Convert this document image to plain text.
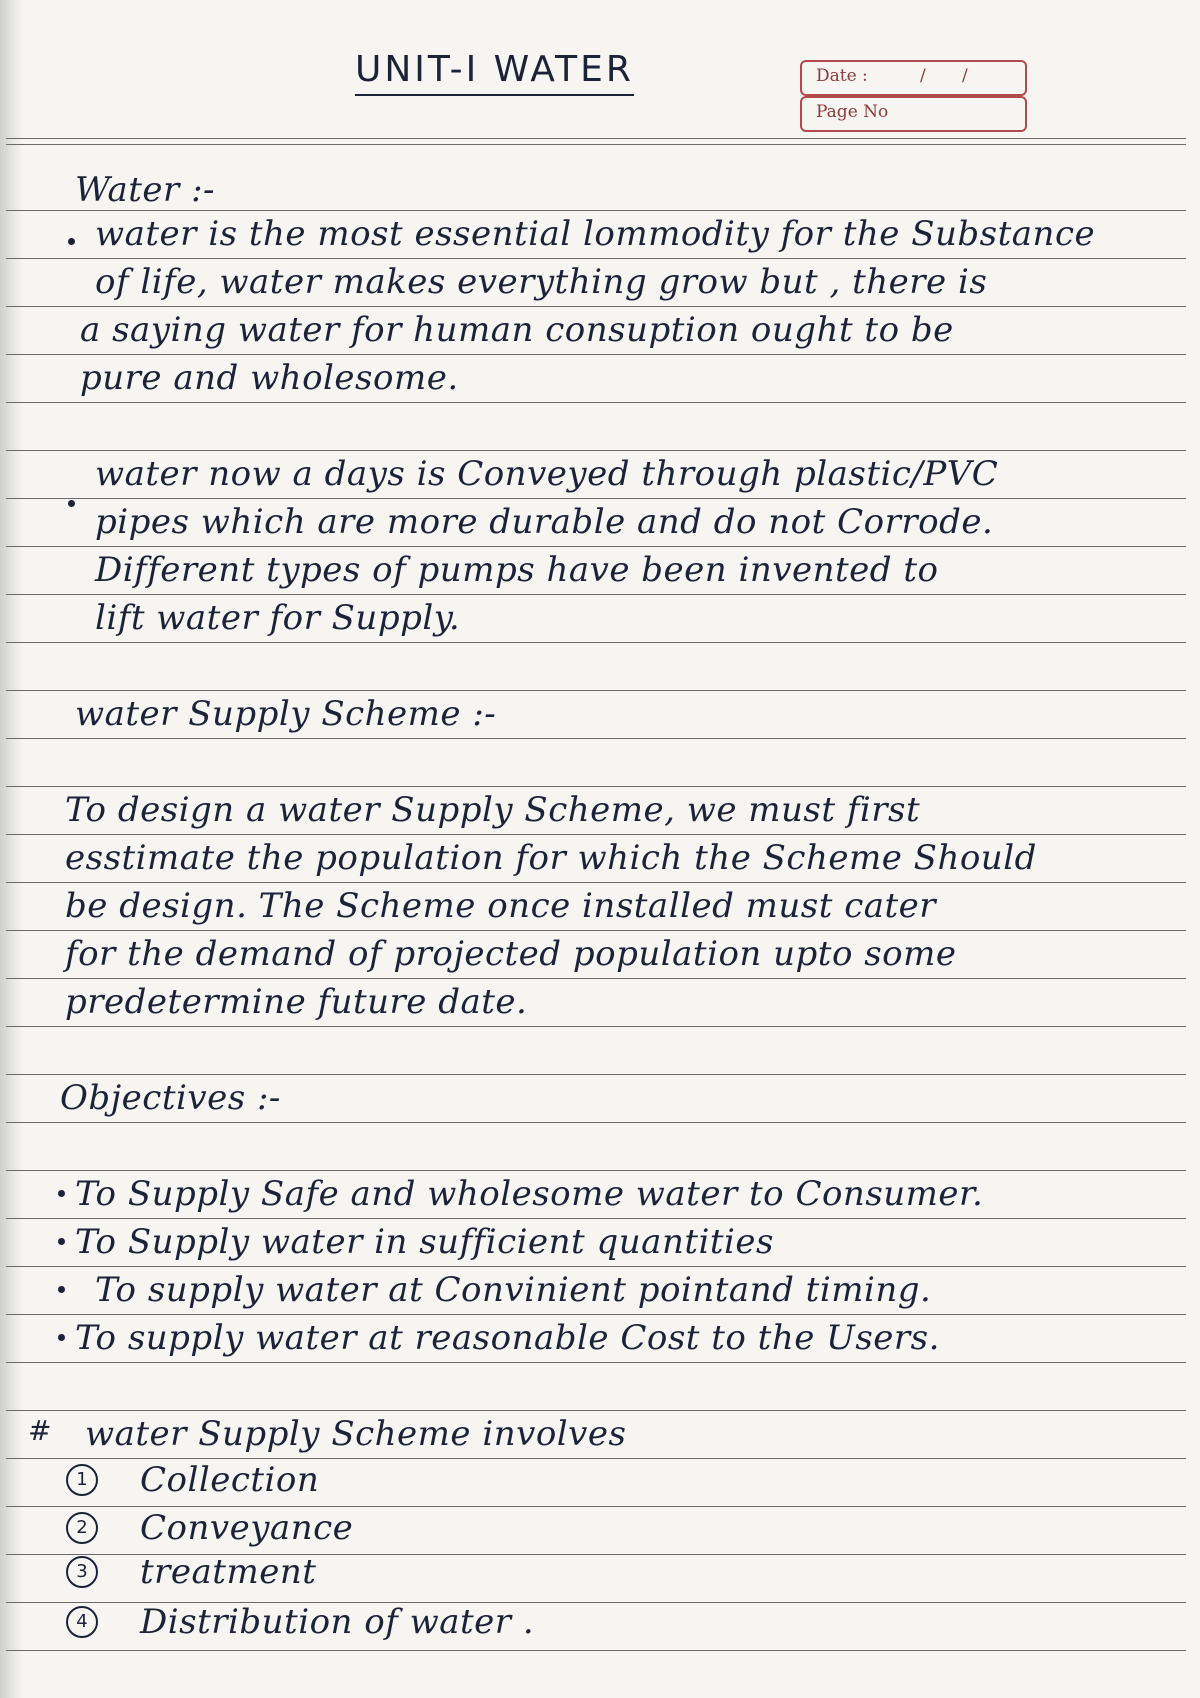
UNIT-I WATER	Date :	/ /
Page No
Water :-
water is the most essential lommodity for the Substance
of life, water makes everything grow but , there is
a saying water for human consuption ought to be
pure and wholesome.
water now a days is Conveyed through plastic/PVC
pipes which are more durable and do not Corrode.
Different types of pumps have been invented to
lift water for Supply.
water Supply Scheme :-
To design a water Supply Scheme, we must first
esstimate the population for which the Scheme Should
be design. The Scheme once installed must cater
for the demand of projected population upto some
predetermine future date.
Objectives :-
To Supply Safe and wholesome water to Consumer.
To Supply water in sufficient quantities
To supply water at Convinient pointand timing.
To supply water at reasonable Cost to the Users.
# water Supply Scheme involves
1	Collection
2	Conveyance
3	treatment
4	Distribution of water .
